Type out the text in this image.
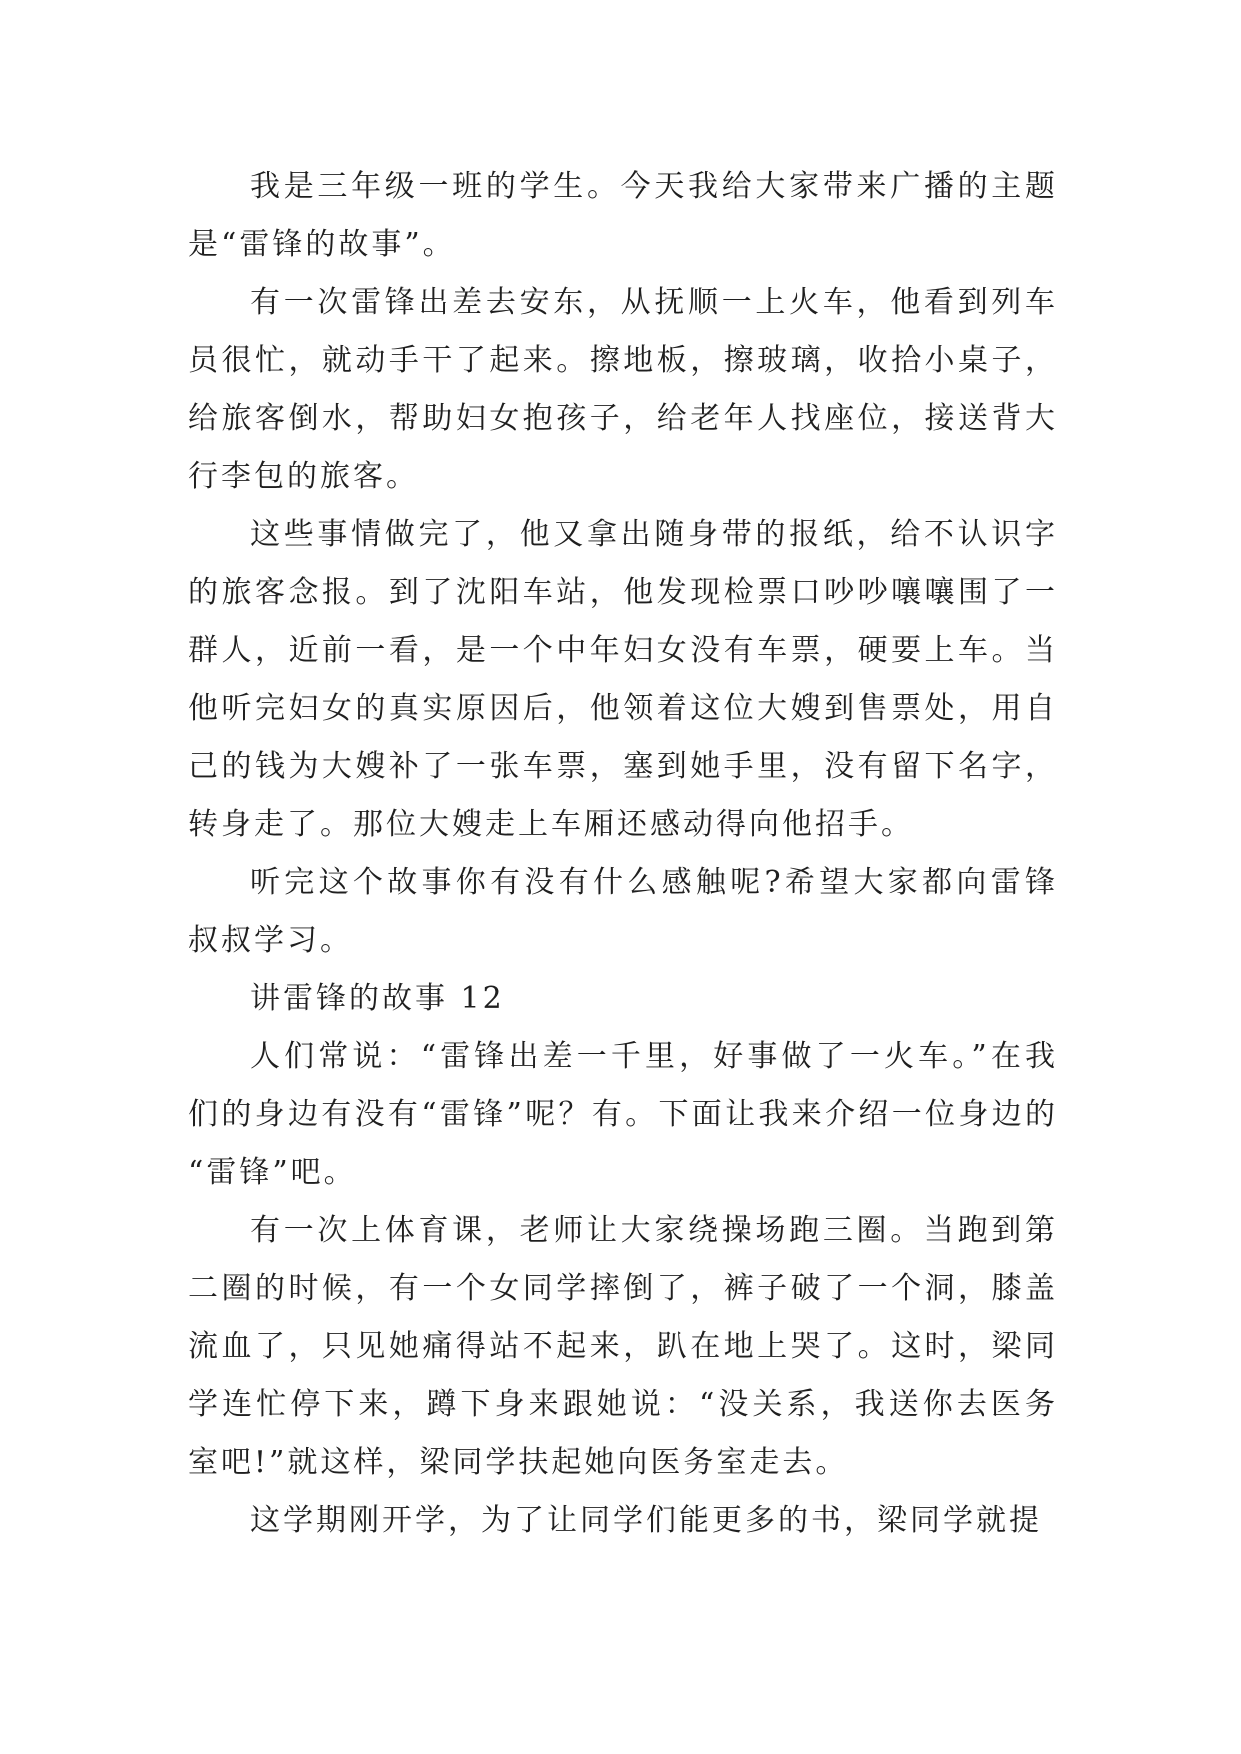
我是三年级一班的学生。今天我给大家带来广播的主题是“雷锋的故事”。

有一次雷锋出差去安东，从抚顺一上火车，他看到列车员很忙，就动手干了起来。擦地板，擦玻璃，收拾小桌子，给旅客倒水，帮助妇女抱孩子，给老年人找座位，接送背大行李包的旅客。

这些事情做完了，他又拿出随身带的报纸，给不认识字的旅客念报。到了沈阳车站，他发现检票口吵吵嚷嚷围了一群人，近前一看，是一个中年妇女没有车票，硬要上车。当他听完妇女的真实原因后，他领着这位大嫂到售票处，用自己的钱为大嫂补了一张车票，塞到她手里，没有留下名字，转身走了。那位大嫂走上车厢还感动得向他招手。

听完这个故事你有没有什么感触呢?希望大家都向雷锋叔叔学习。

讲雷锋的故事 12

人们常说：“雷锋出差一千里，好事做了一火车。”在我们的身边有没有“雷锋”呢？有。下面让我来介绍一位身边的“雷锋”吧。

有一次上体育课，老师让大家绕操场跑三圈。当跑到第二圈的时候，有一个女同学摔倒了，裤子破了一个洞，膝盖流血了，只见她痛得站不起来，趴在地上哭了。这时，梁同学连忙停下来，蹲下身来跟她说：“没关系，我送你去医务室吧!”就这样，梁同学扶起她向医务室走去。

这学期刚开学，为了让同学们能更多的书，梁同学就提
